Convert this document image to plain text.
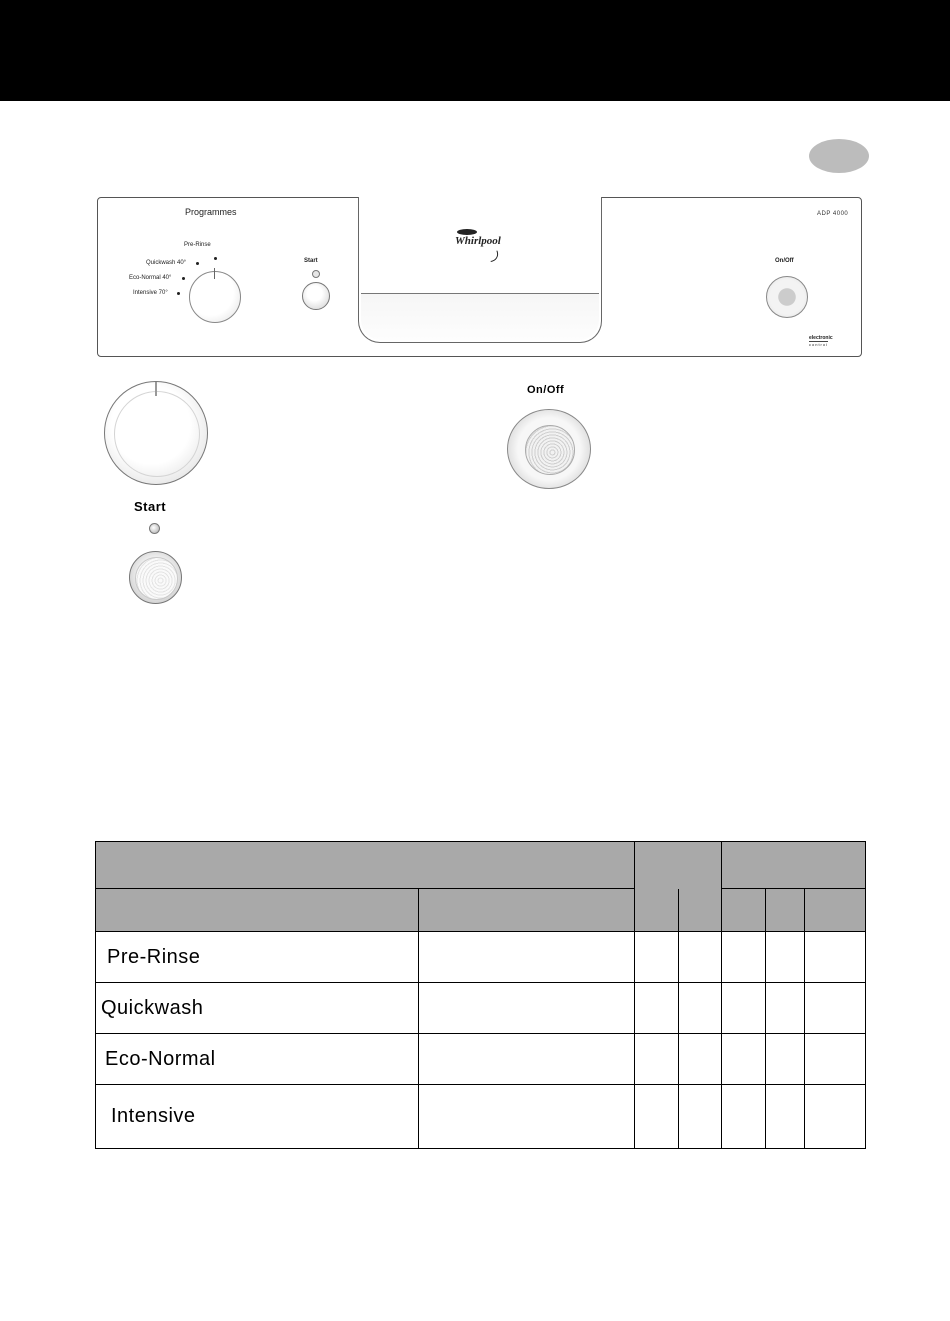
Programmes	ADP 4000
Pre-Rinse
Quickwash 40°
Eco-Normal 40°
Intensive 70°
Start
Whirlpool
On/Off
electronic
control
Start
On/Off

Pre-Rinse						
Quickwash						
Eco-Normal						
Intensive						
